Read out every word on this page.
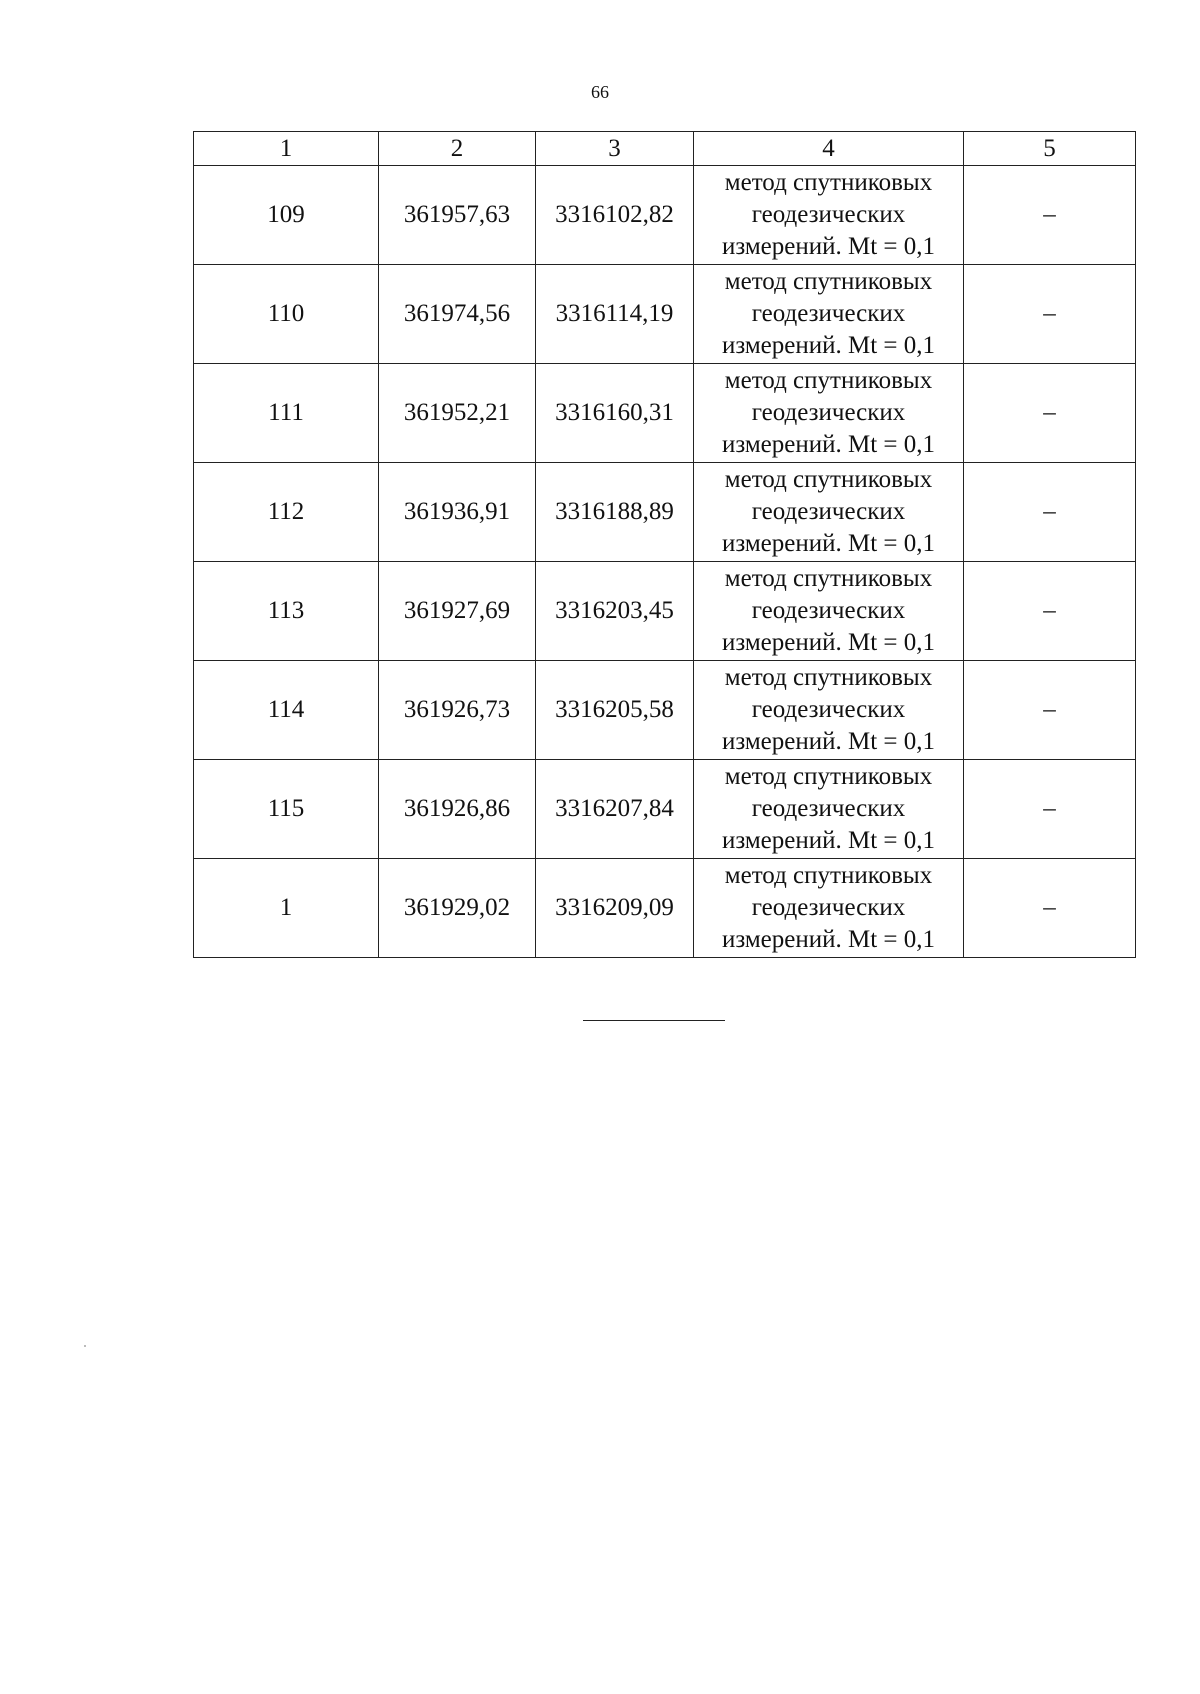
66
1	2	3	4	5
109	361957,63	3316102,82	метод спутниковых
геодезических
измерений. Mt = 0,1	–
110	361974,56	3316114,19	метод спутниковых
геодезических
измерений. Mt = 0,1	–
111	361952,21	3316160,31	метод спутниковых
геодезических
измерений. Mt = 0,1	–
112	361936,91	3316188,89	метод спутниковых
геодезических
измерений. Mt = 0,1	–
113	361927,69	3316203,45	метод спутниковых
геодезических
измерений. Mt = 0,1	–
114	361926,73	3316205,58	метод спутниковых
геодезических
измерений. Mt = 0,1	–
115	361926,86	3316207,84	метод спутниковых
геодезических
измерений. Mt = 0,1	–
1	361929,02	3316209,09	метод спутниковых
геодезических
измерений. Mt = 0,1	–
